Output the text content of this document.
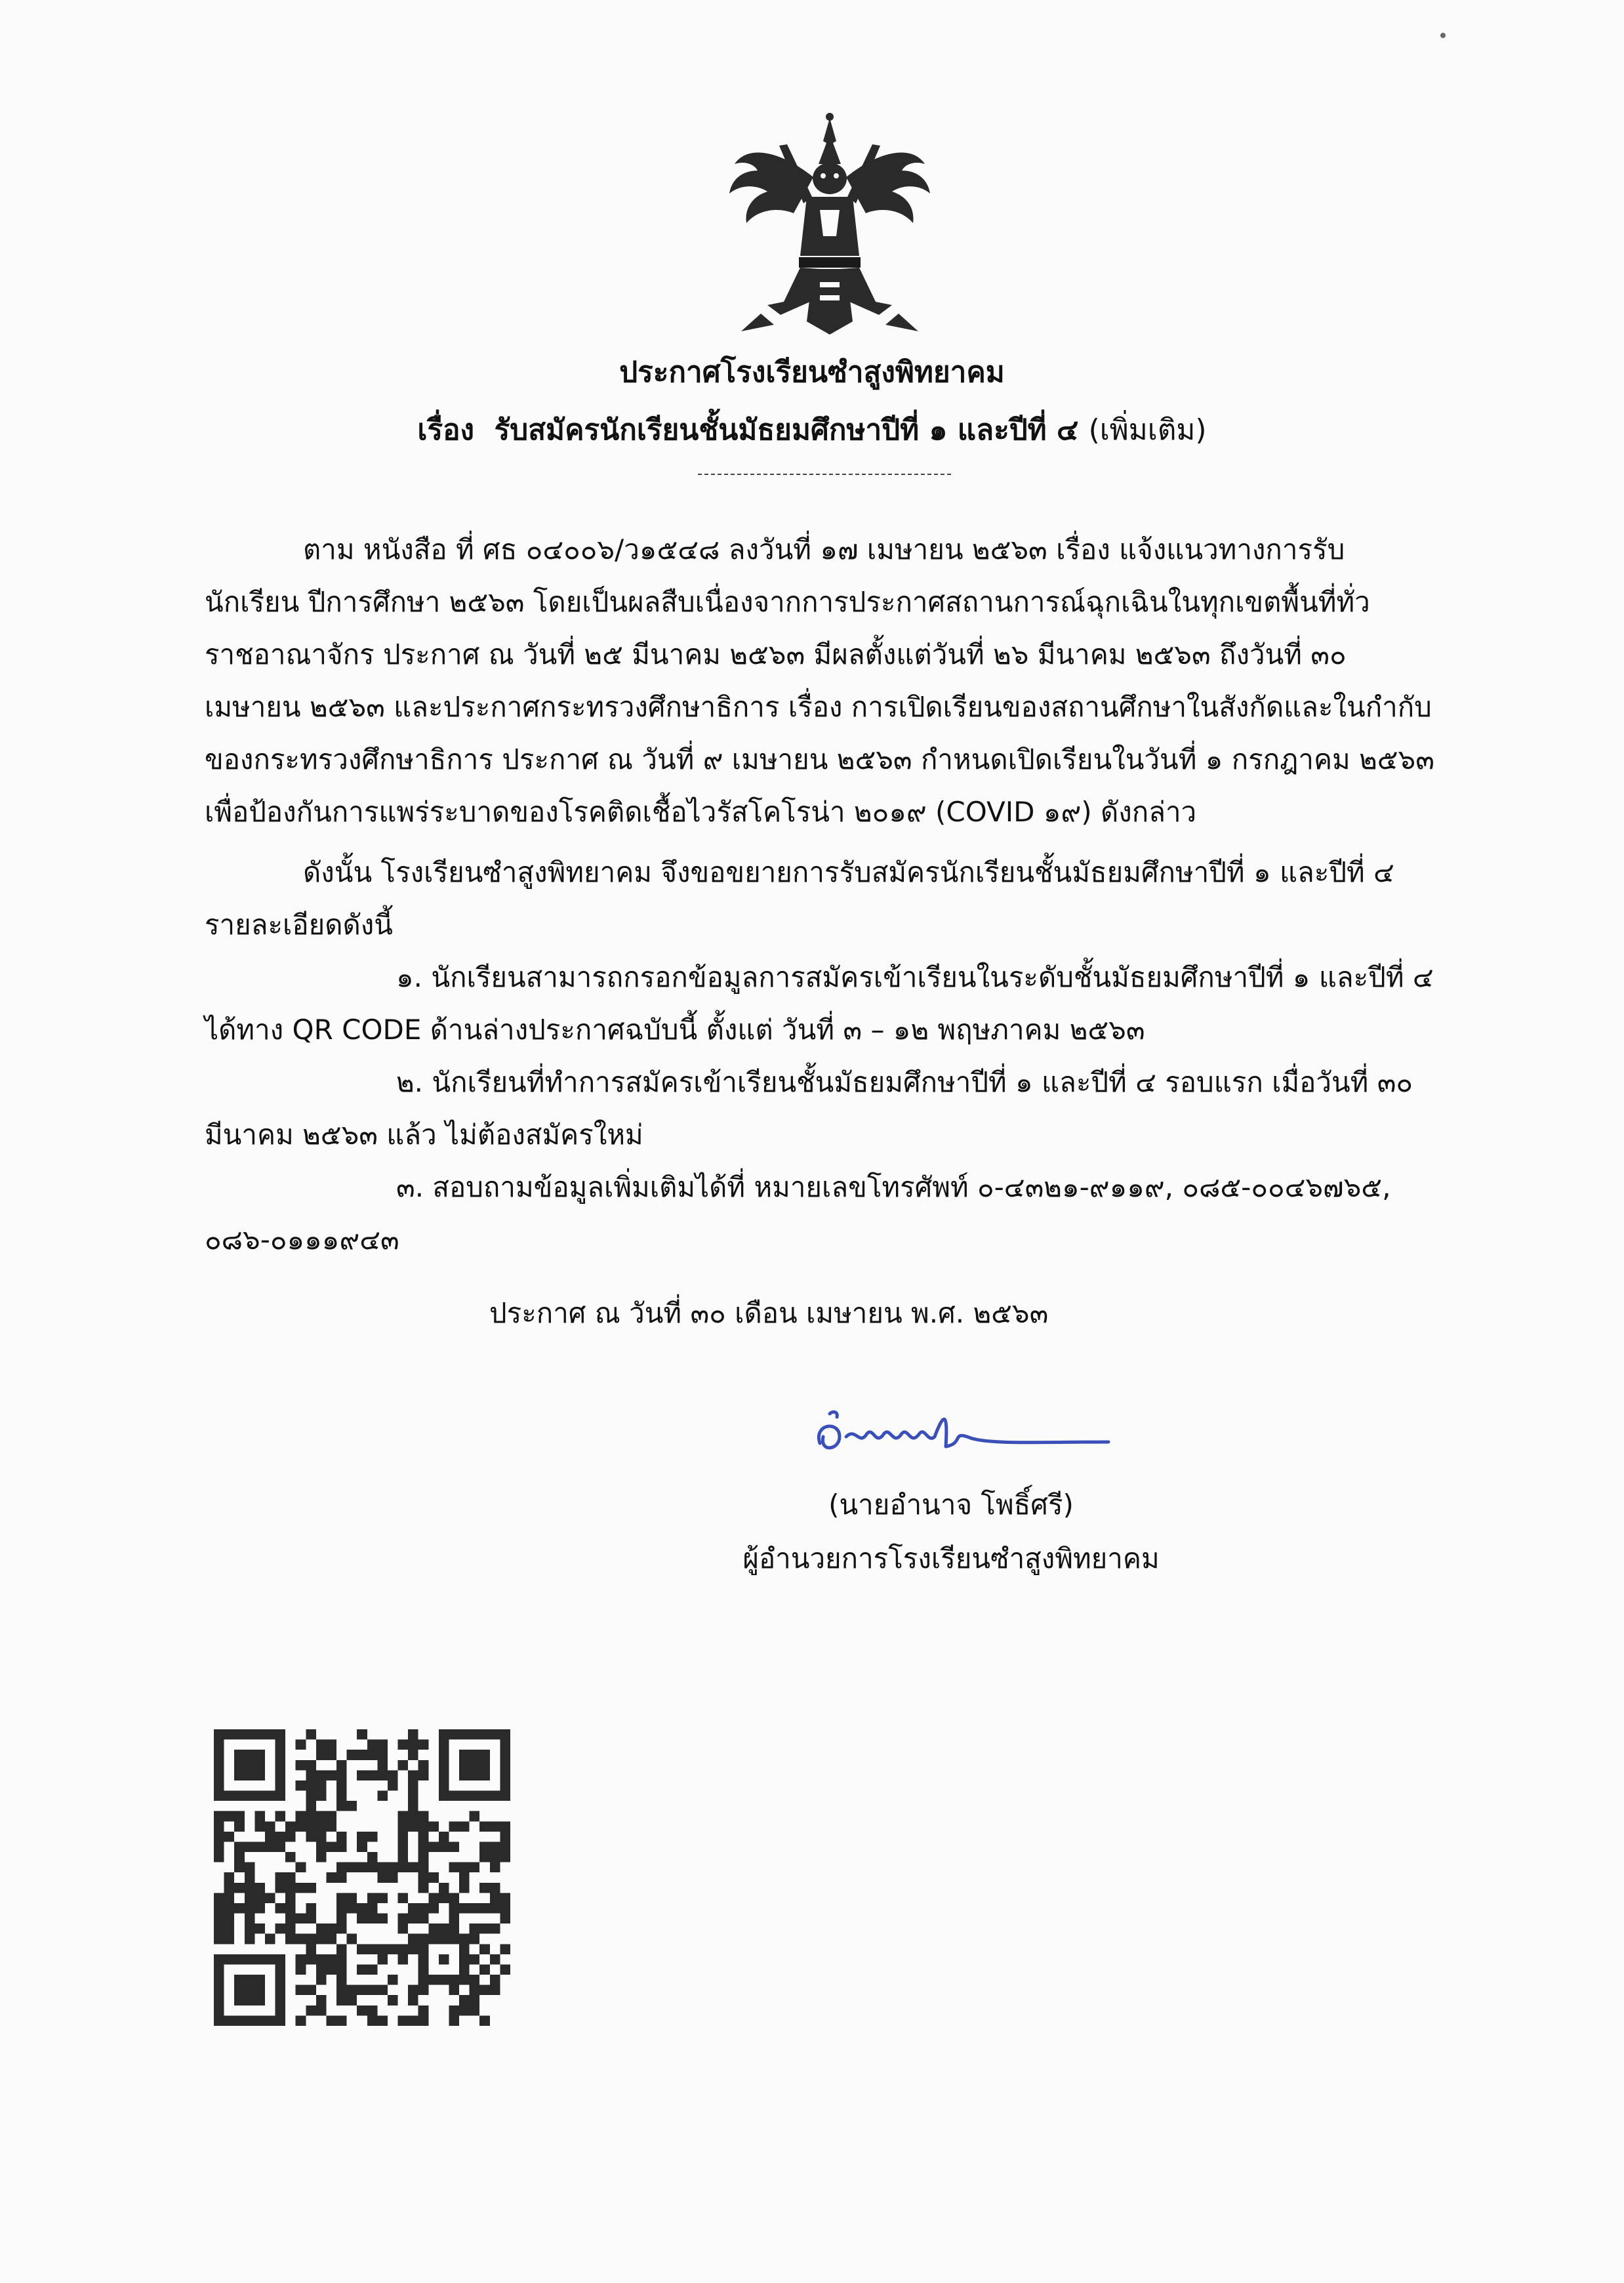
ประกาศโรงเรียนซำสูงพิทยาคม
เรื่อง รับสมัครนักเรียนชั้นมัธยมศึกษาปีที่ ๑ และปีที่ ๔ (เพิ่มเติม)
ตาม หนังสือ ที่ ศธ ๐๔๐๐๖/ว๑๕๔๘ ลงวันที่ ๑๗ เมษายน ๒๕๖๓ เรื่อง แจ้งแนวทางการรับ
นักเรียน ปีการศึกษา ๒๕๖๓ โดยเป็นผลสืบเนื่องจากการประกาศสถานการณ์ฉุกเฉินในทุกเขตพื้นที่ทั่ว
ราชอาณาจักร ประกาศ ณ วันที่ ๒๕ มีนาคม ๒๕๖๓ มีผลตั้งแต่วันที่ ๒๖ มีนาคม ๒๕๖๓ ถึงวันที่ ๓๐
เมษายน ๒๕๖๓ และประกาศกระทรวงศึกษาธิการ เรื่อง การเปิดเรียนของสถานศึกษาในสังกัดและในกำกับ
ของกระทรวงศึกษาธิการ ประกาศ ณ วันที่ ๙ เมษายน ๒๕๖๓ กำหนดเปิดเรียนในวันที่ ๑ กรกฎาคม ๒๕๖๓
เพื่อป้องกันการแพร่ระบาดของโรคติดเชื้อไวรัสโคโรน่า ๒๐๑๙ (COVID ๑๙) ดังกล่าว
ดังนั้น โรงเรียนซำสูงพิทยาคม จึงขอขยายการรับสมัครนักเรียนชั้นมัธยมศึกษาปีที่ ๑ และปีที่ ๔
รายละเอียดดังนี้
๑. นักเรียนสามารถกรอกข้อมูลการสมัครเข้าเรียนในระดับชั้นมัธยมศึกษาปีที่ ๑ และปีที่ ๔
ได้ทาง QR CODE ด้านล่างประกาศฉบับนี้ ตั้งแต่ วันที่ ๓ – ๑๒ พฤษภาคม ๒๕๖๓
๒. นักเรียนที่ทำการสมัครเข้าเรียนชั้นมัธยมศึกษาปีที่ ๑ และปีที่ ๔ รอบแรก เมื่อวันที่ ๓๐
มีนาคม ๒๕๖๓ แล้ว ไม่ต้องสมัครใหม่
๓. สอบถามข้อมูลเพิ่มเติมได้ที่ หมายเลขโทรศัพท์ ๐-๔๓๒๑-๙๑๑๙, ๐๘๕-๐๐๔๖๗๖๕,
๐๘๖-๐๑๑๑๙๔๓
ประกาศ ณ วันที่ ๓๐ เดือน เมษายน พ.ศ. ๒๕๖๓
(นายอำนาจ โพธิ์ศรี)
ผู้อำนวยการโรงเรียนซำสูงพิทยาคม
